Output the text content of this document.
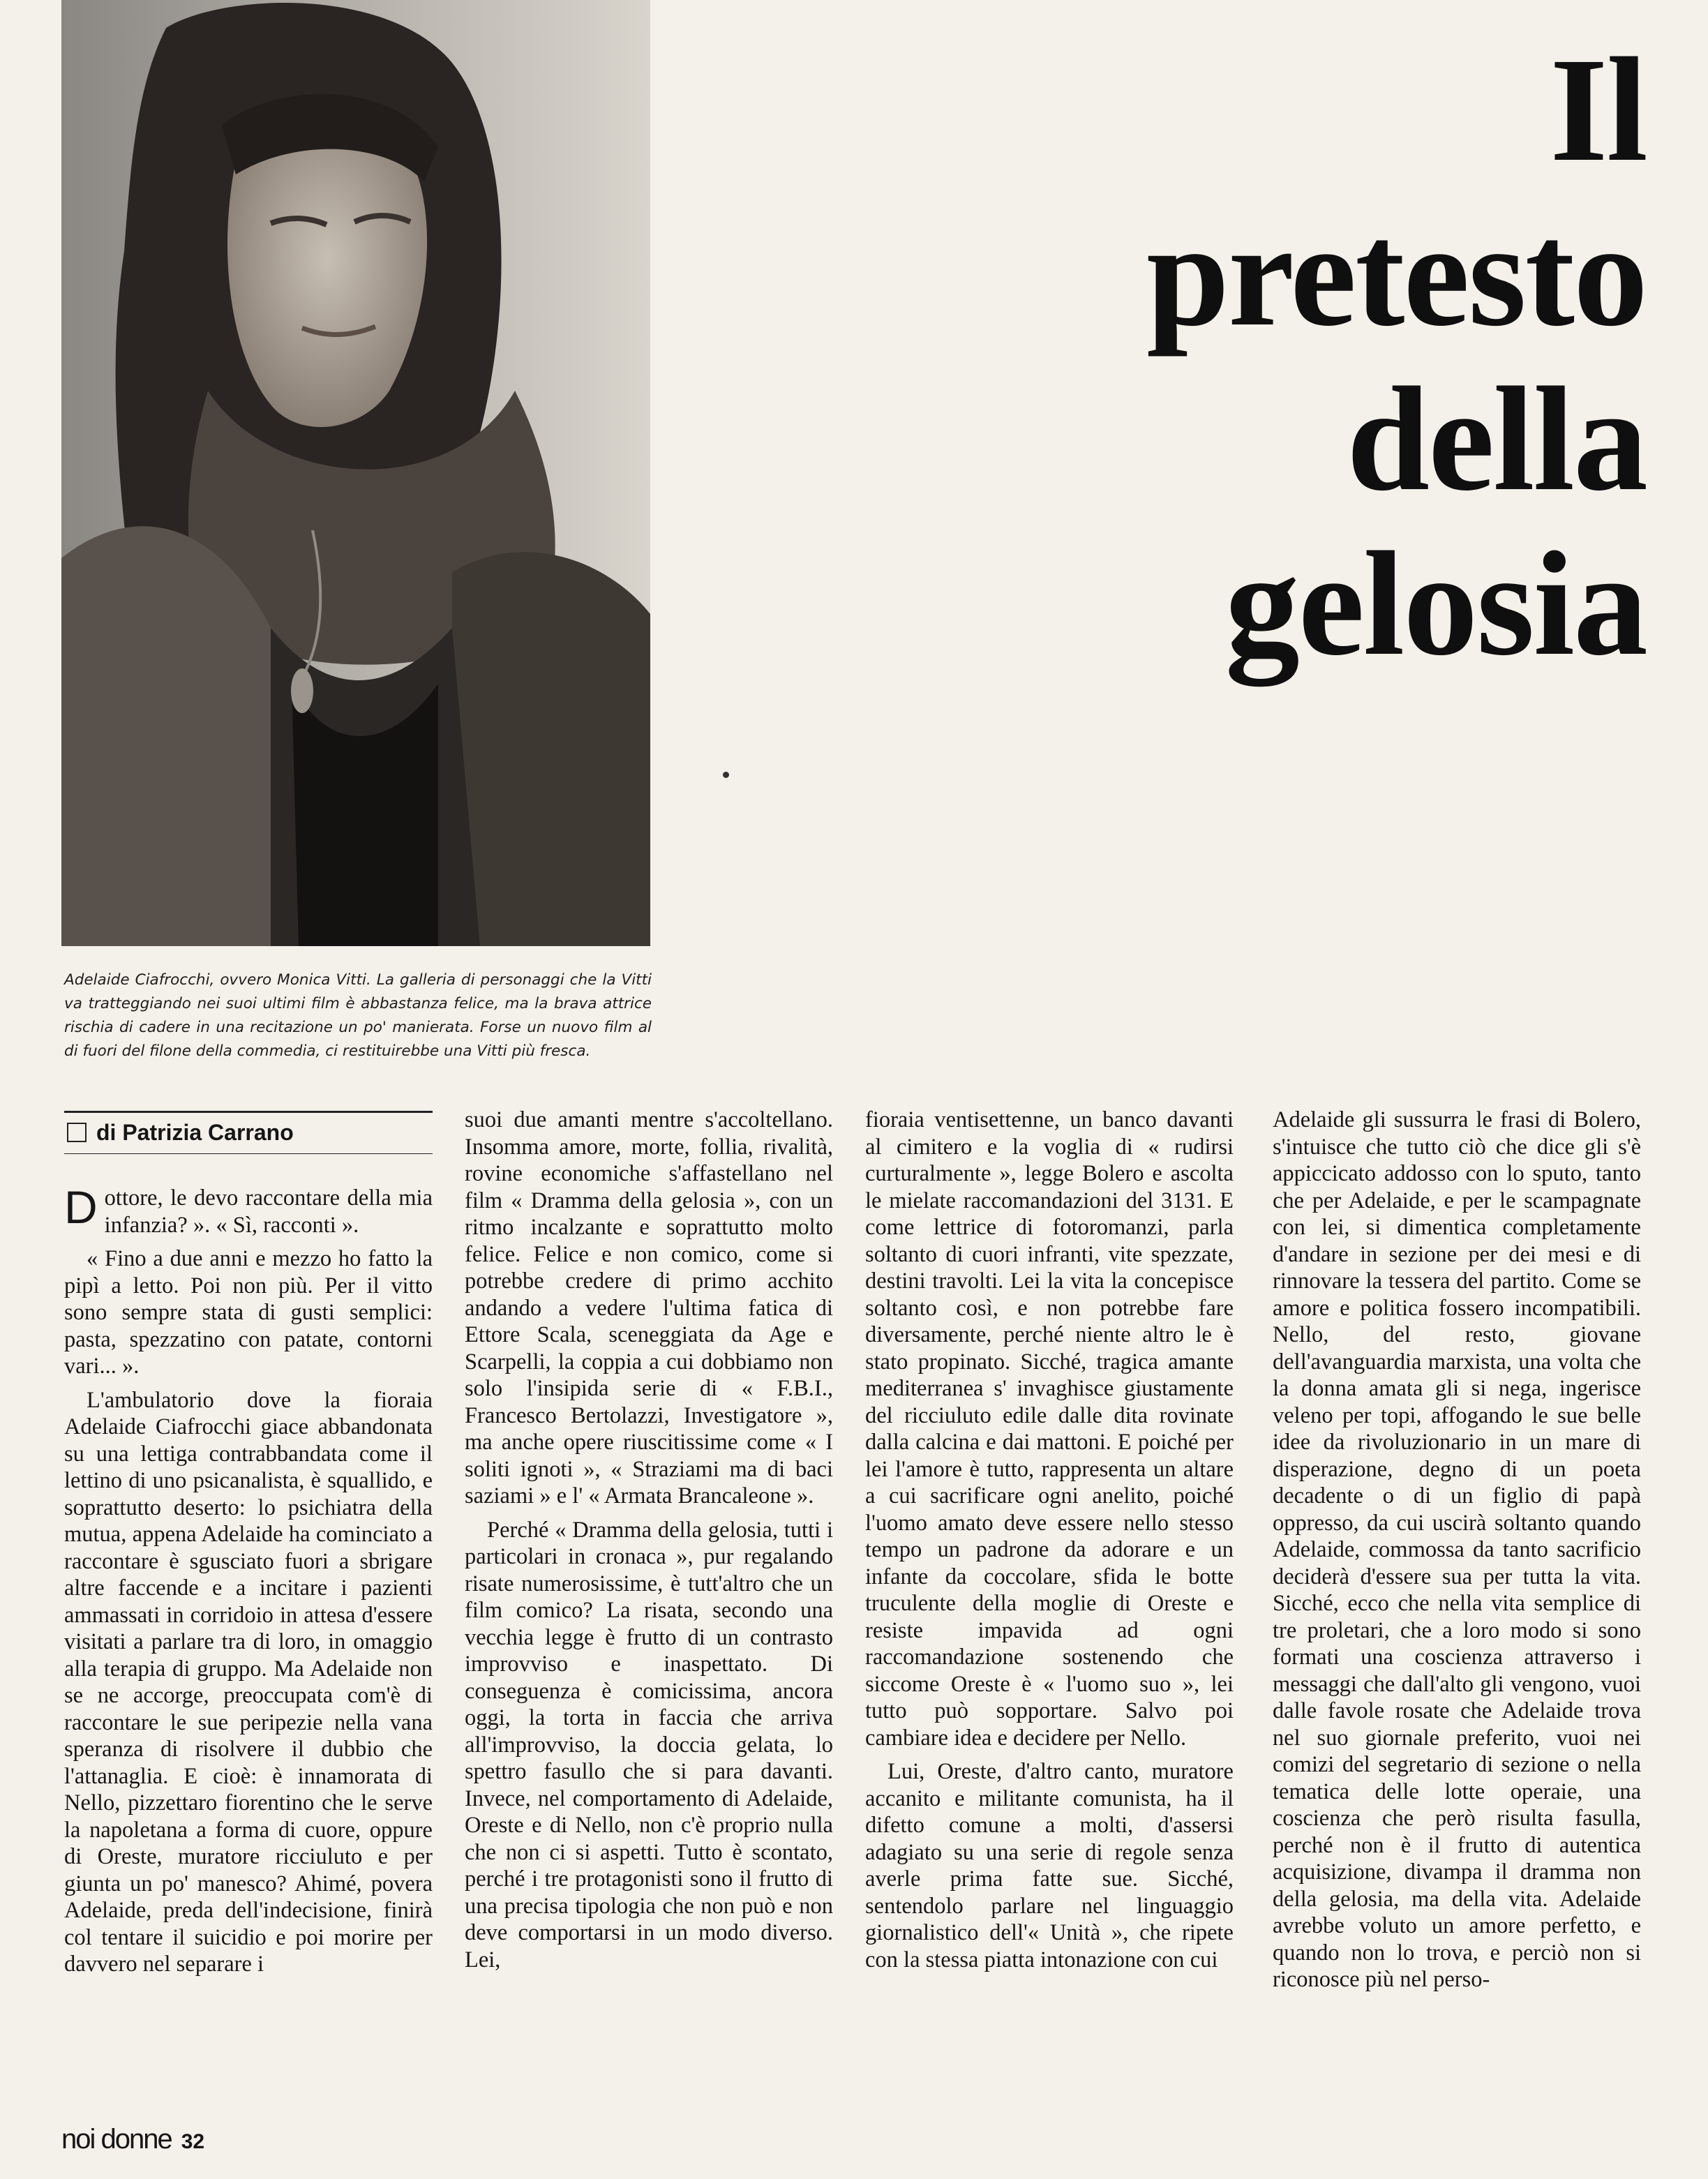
Adelaide Ciafrocchi, ovvero Monica Vitti. La galleria di personaggi che la Vitti va tratteggiando nei suoi ultimi film è abbastanza felice, ma la brava attrice rischia di cadere in una recitazione un po' manierata. Forse un nuovo film al di fuori del filone della commedia, ci restituirebbe una Vitti più fresca.
Il
pretesto
della
gelosia
di Patrizia Carrano

Dottore, le devo raccontare della mia infanzia? ». « Sì, racconti ».

« Fino a due anni e mezzo ho fatto la pipì a letto. Poi non più. Per il vitto sono sempre stata di gusti semplici: pasta, spezzatino con patate, contorni vari... ».

L'ambulatorio dove la fioraia Adelaide Ciafrocchi giace abbandonata su una lettiga contrabbandata come il lettino di uno psicanalista, è squallido, e soprattutto deserto: lo psichiatra della mutua, appena Adelaide ha cominciato a raccontare è sgusciato fuori a sbrigare altre faccende e a incitare i pazienti ammassati in corridoio in attesa d'essere visitati a parlare tra di loro, in omaggio alla terapia di gruppo. Ma Adelaide non se ne accorge, preoccupata com'è di raccontare le sue peripezie nella vana speranza di risolvere il dubbio che l'attanaglia. E cioè: è innamorata di Nello, pizzettaro fiorentino che le serve la napoletana a forma di cuore, oppure di Oreste, muratore ricciuluto e per giunta un po' manesco? Ahimé, povera Adelaide, preda dell'indecisione, finirà col tentare il suicidio e poi morire per davvero nel separare i

suoi due amanti mentre s'accoltellano. Insomma amore, morte, follia, rivalità, rovine economiche s'affastellano nel film « Dramma della gelosia », con un ritmo incalzante e soprattutto molto felice. Felice e non comico, come si potrebbe credere di primo acchito andando a vedere l'ultima fatica di Ettore Scala, sceneggiata da Age e Scarpelli, la coppia a cui dobbiamo non solo l'insipida serie di « F.B.I., Francesco Bertolazzi, Investigatore », ma anche opere riuscitissime come « I soliti ignoti », « Straziami ma di baci saziami » e l' « Armata Brancaleone ».

Perché « Dramma della gelosia, tutti i particolari in cronaca », pur regalando risate numerosissime, è tutt'altro che un film comico? La risata, secondo una vecchia legge è frutto di un contrasto improvviso e inaspettato. Di conseguenza è comicissima, ancora oggi, la torta in faccia che arriva all'improvviso, la doccia gelata, lo spettro fasullo che si para davanti. Invece, nel comportamento di Adelaide, Oreste e di Nello, non c'è proprio nulla che non ci si aspetti. Tutto è scontato, perché i tre protagonisti sono il frutto di una precisa tipologia che non può e non deve comportarsi in un modo diverso. Lei,

fioraia ventisettenne, un banco davanti al cimitero e la voglia di « rudirsi curturalmente », legge Bolero e ascolta le mielate raccomandazioni del 3131. E come lettrice di fotoromanzi, parla soltanto di cuori infranti, vite spezzate, destini travolti. Lei la vita la concepisce soltanto così, e non potrebbe fare diversamente, perché niente altro le è stato propinato. Sicché, tragica amante mediterranea s' invaghisce giustamente del ricciuluto edile dalle dita rovinate dalla calcina e dai mattoni. E poiché per lei l'amore è tutto, rappresenta un altare a cui sacrificare ogni anelito, poiché l'uomo amato deve essere nello stesso tempo un padrone da adorare e un infante da coccolare, sfida le botte truculente della moglie di Oreste e resiste impavida ad ogni raccomandazione sostenendo che siccome Oreste è « l'uomo suo », lei tutto può sopportare. Salvo poi cambiare idea e decidere per Nello.

Lui, Oreste, d'altro canto, muratore accanito e militante comunista, ha il difetto comune a molti, d'assersi adagiato su una serie di regole senza averle prima fatte sue. Sicché, sentendolo parlare nel linguaggio giornalistico dell'« Unità », che ripete con la stessa piatta intonazione con cui

Adelaide gli sussurra le frasi di Bolero, s'intuisce che tutto ciò che dice gli s'è appiccicato addosso con lo sputo, tanto che per Adelaide, e per le scampagnate con lei, si dimentica completamente d'andare in sezione per dei mesi e di rinnovare la tessera del partito. Come se amore e politica fossero incompatibili. Nello, del resto, giovane dell'avanguardia marxista, una volta che la donna amata gli si nega, ingerisce veleno per topi, affogando le sue belle idee da rivoluzionario in un mare di disperazione, degno di un poeta decadente o di un figlio di papà oppresso, da cui uscirà soltanto quando Adelaide, commossa da tanto sacrificio deciderà d'essere sua per tutta la vita. Sicché, ecco che nella vita semplice di tre proletari, che a loro modo si sono formati una coscienza attraverso i messaggi che dall'alto gli vengono, vuoi dalle favole rosate che Adelaide trova nel suo giornale preferito, vuoi nei comizi del segretario di sezione o nella tematica delle lotte operaie, una coscienza che però risulta fasulla, perché non è il frutto di autentica acquisizione, divampa il dramma non della gelosia, ma della vita. Adelaide avrebbe voluto un amore perfetto, e quando non lo trova, e perciò non si riconosce più nel perso-

noi donne 32
